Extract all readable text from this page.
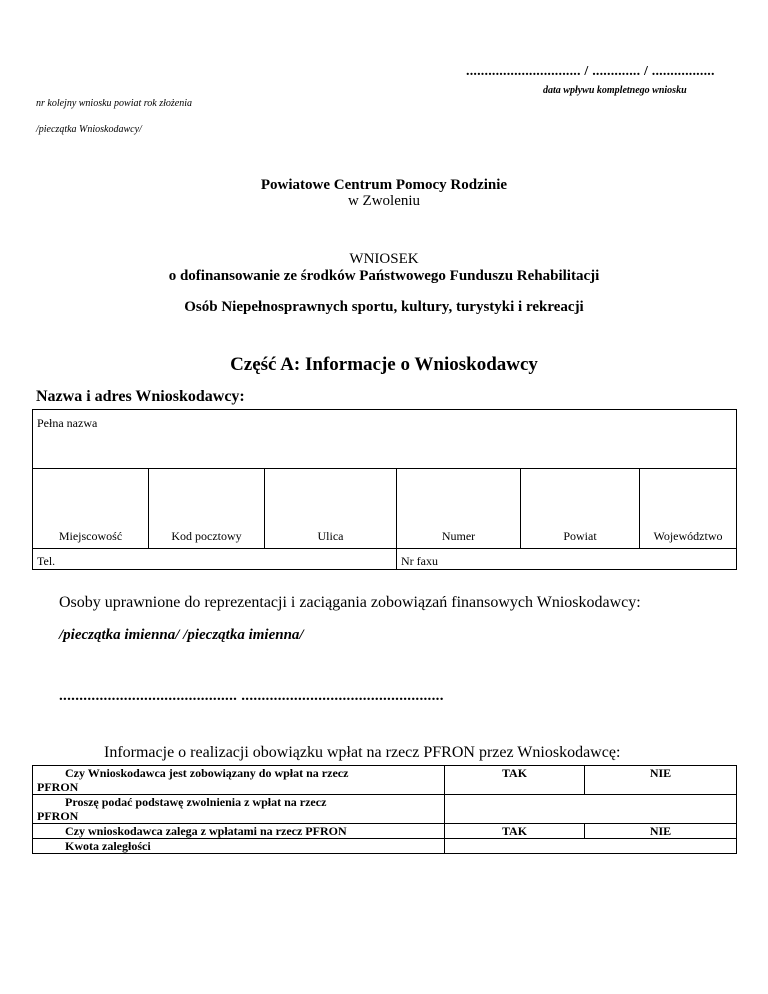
............................... / ............. / .................
data wpływu kompletnego wniosku
nr kolejny wniosku powiat rok złożenia
/pieczątka Wnioskodawcy/
Powiatowe Centrum Pomocy Rodzinie
w Zwoleniu
WNIOSEK
o dofinansowanie ze środków Państwowego Funduszu Rehabilitacji
Osób Niepełnosprawnych sportu, kultury, turystyki i rekreacji
Część A: Informacje o Wnioskodawcy
Nazwa i adres Wnioskodawcy:
Pełna nazwa					
Miejscowość	Kod pocztowy	Ulica	Numer	Powiat	Województwo
Tel.			Nr faxu		
Osoby uprawnione do reprezentacji i zaciągania zobowiązań finansowych Wnioskodawcy:
/pieczątka imienna/ /pieczątka imienna/
............................................ ..................................................
Informacje o realizacji obowiązku wpłat na rzecz PFRON przez Wnioskodawcę:
Czy Wnioskodawca jest zobowiązany do wpłat na rzecz
PFRON	TAK	NIE

Proszę podać podstawę zwolnienia z wpłat na rzecz
PFRON		

Czy wnioskodawca zalega z wpłatami na rzecz PFRON	TAK	NIE

Kwota zaległości		
